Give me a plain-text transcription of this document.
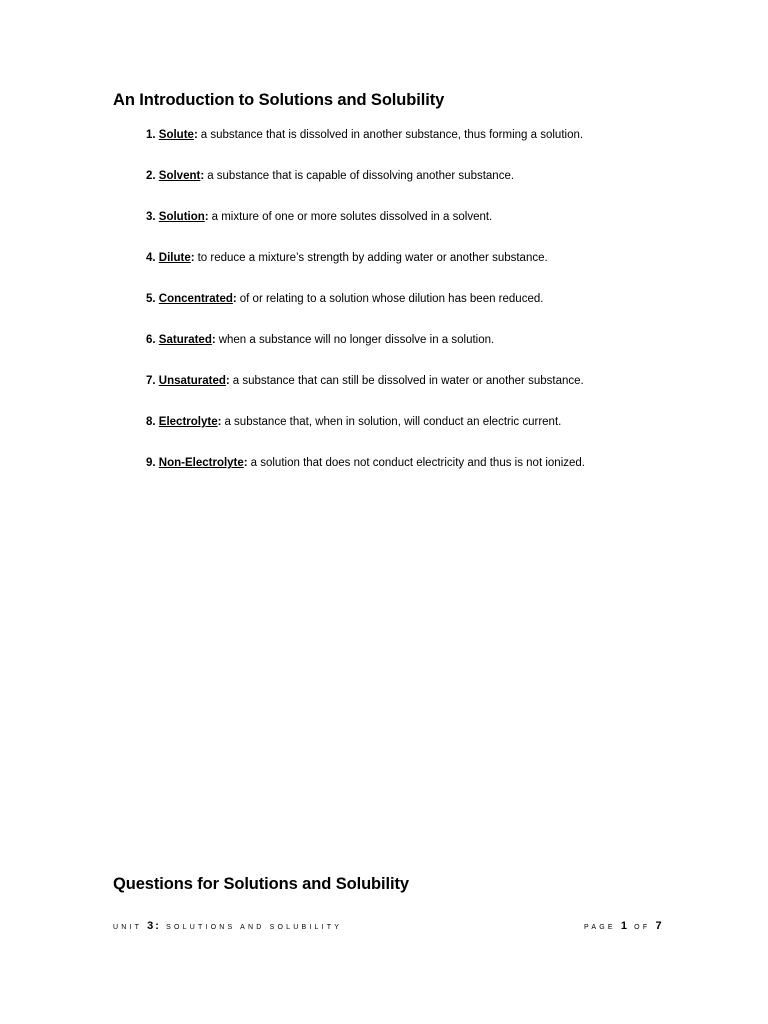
An Introduction to Solutions and Solubility
1. Solute: a substance that is dissolved in another substance, thus forming a solution.
2. Solvent: a substance that is capable of dissolving another substance.
3. Solution: a mixture of one or more solutes dissolved in a solvent.
4. Dilute: to reduce a mixture’s strength by adding water or another substance.
5. Concentrated: of or relating to a solution whose dilution has been reduced.
6. Saturated: when a substance will no longer dissolve in a solution.
7. Unsaturated: a substance that can still be dissolved in water or another substance.
8. Electrolyte: a substance that, when in solution, will conduct an electric current.
9. Non-Electrolyte: a solution that does not conduct electricity and thus is not ionized.
Questions for Solutions and Solubility
UNIT 3: SOLUTIONS AND SOLUBILITY	PAGE 1 OF 7
